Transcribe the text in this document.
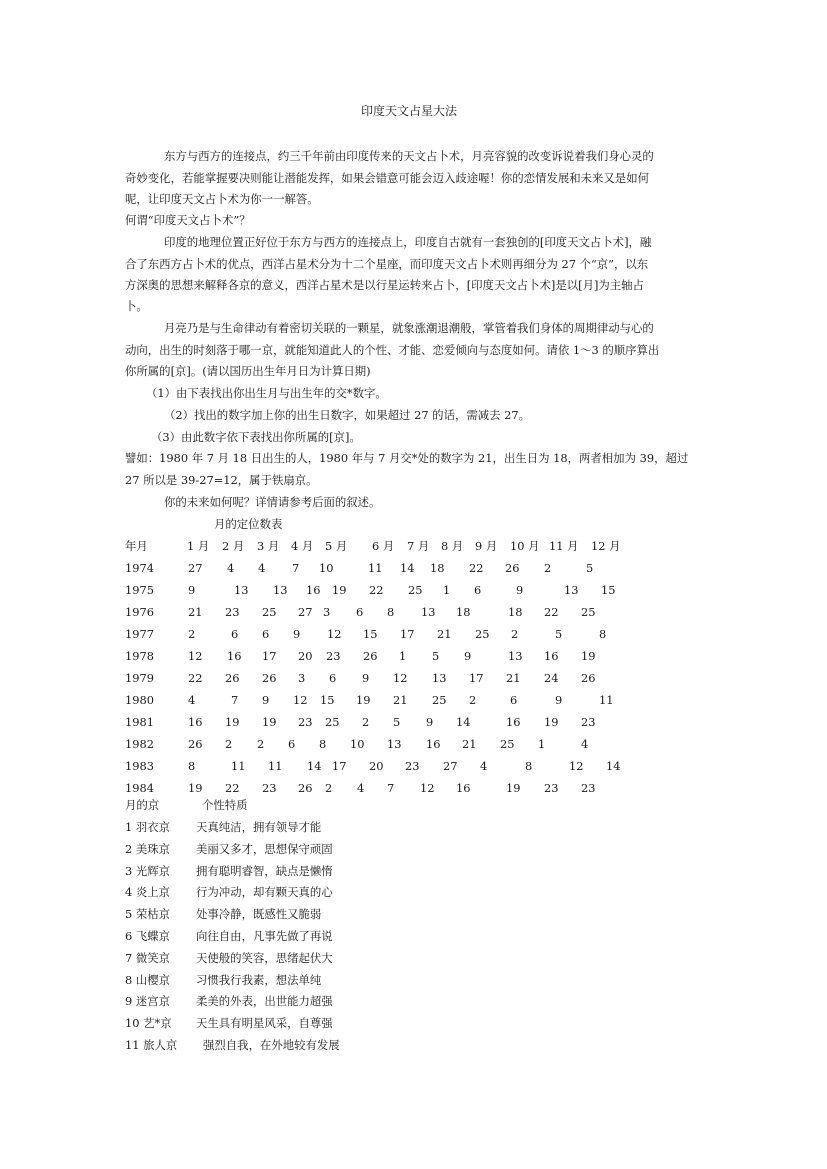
印度天文占星大法
东方与西方的连接点，约三千年前由印度传来的天文占卜术，月亮容貌的改变诉说着我们身心灵的
奇妙变化，若能掌握要决则能让潜能发挥，如果会错意可能会迈入歧途喔！你的恋情发展和未来又是如何
呢，让印度天文占卜术为你一一解答。
何谓“印度天文占卜术”？
印度的地理位置正好位于东方与西方的连接点上，印度自古就有一套独创的[印度天文占卜术]，融
合了东西方占卜术的优点，西洋占星术分为十二个星座，而印度天文占卜术则再细分为 27 个“京”，以东
方深奥的思想来解释各京的意义，西洋占星术是以行星运转来占卜，[印度天文占卜术]是以[月]为主轴占
卜。
月亮乃是与生命律动有着密切关联的一颗星，就象涨潮退潮般，掌管着我们身体的周期律动与心的
动向，出生的时刻落于哪一京，就能知道此人的个性、才能、恋爱倾向与态度如何。请依 1～3 的顺序算出
你所属的[京]。(请以国历出生年月日为计算日期)
（1）由下表找出你出生月与出生年的交*数字。
（2）找出的数字加上你的出生日数字，如果超过 27 的话，需减去 27。
（3）由此数字依下表找出你所属的[京]。
譬如：1980 年 7 月 18 日出生的人，1980 年与 7 月交*处的数字为 21，出生日为 18，两者相加为 39，超过
27 所以是 39-27=12，属于铁扇京。
你的未来如何呢？详情请参考后面的叙述。
月的定位数表
年月	1 月 2 月 3 月 4 月 5 月 6 月 7 月 8 月 9 月 10 月 11 月 12 月
1974	27 4 4 7 10	11 14 18 22 26 2	5
1975	9	13 13 16 19 22 25 1 6	9	13 15
1976	21 23 25 27 3 6 8 13 18	18 22 25
1977	2	6 6 9 12 15 17 21 25 2	5	8
1978	12 16 17 20 23 26 1 5 9	13 16 19
1979	22 26 26 3 6 9 12 13 17 21 24 26
1980	4	7 9 12 15 19 21 25 2	6	9	11
1981	16 19 19 23 25 2 5 9 14	16 19 23
1982	26 2 2 6 8 10 13 16 21 25 1	4
1983	8	11 11 14 17 20 23 27 4	8	12 14
1984	19 22 23 26 2 4 7 12 16	19 23 23
月的京	个性特质
1 羽衣京 天真纯洁，拥有领导才能
2 美珠京 美丽又多才，思想保守顽固
3 光辉京 拥有聪明睿智，缺点是懒惰
4 炎上京 行为冲动，却有颗天真的心
5 荣枯京 处事冷静，既感性又脆弱
6 飞蝶京 向往自由，凡事先做了再说
7 微笑京 天使般的笑容，思绪起伏大
8 山樱京 习惯我行我素，想法单纯
9 迷宫京 柔美的外表，出世能力超强
10 艺*京 天生具有明星风采，自尊强
11 旅人京 强烈自我，在外地较有发展
